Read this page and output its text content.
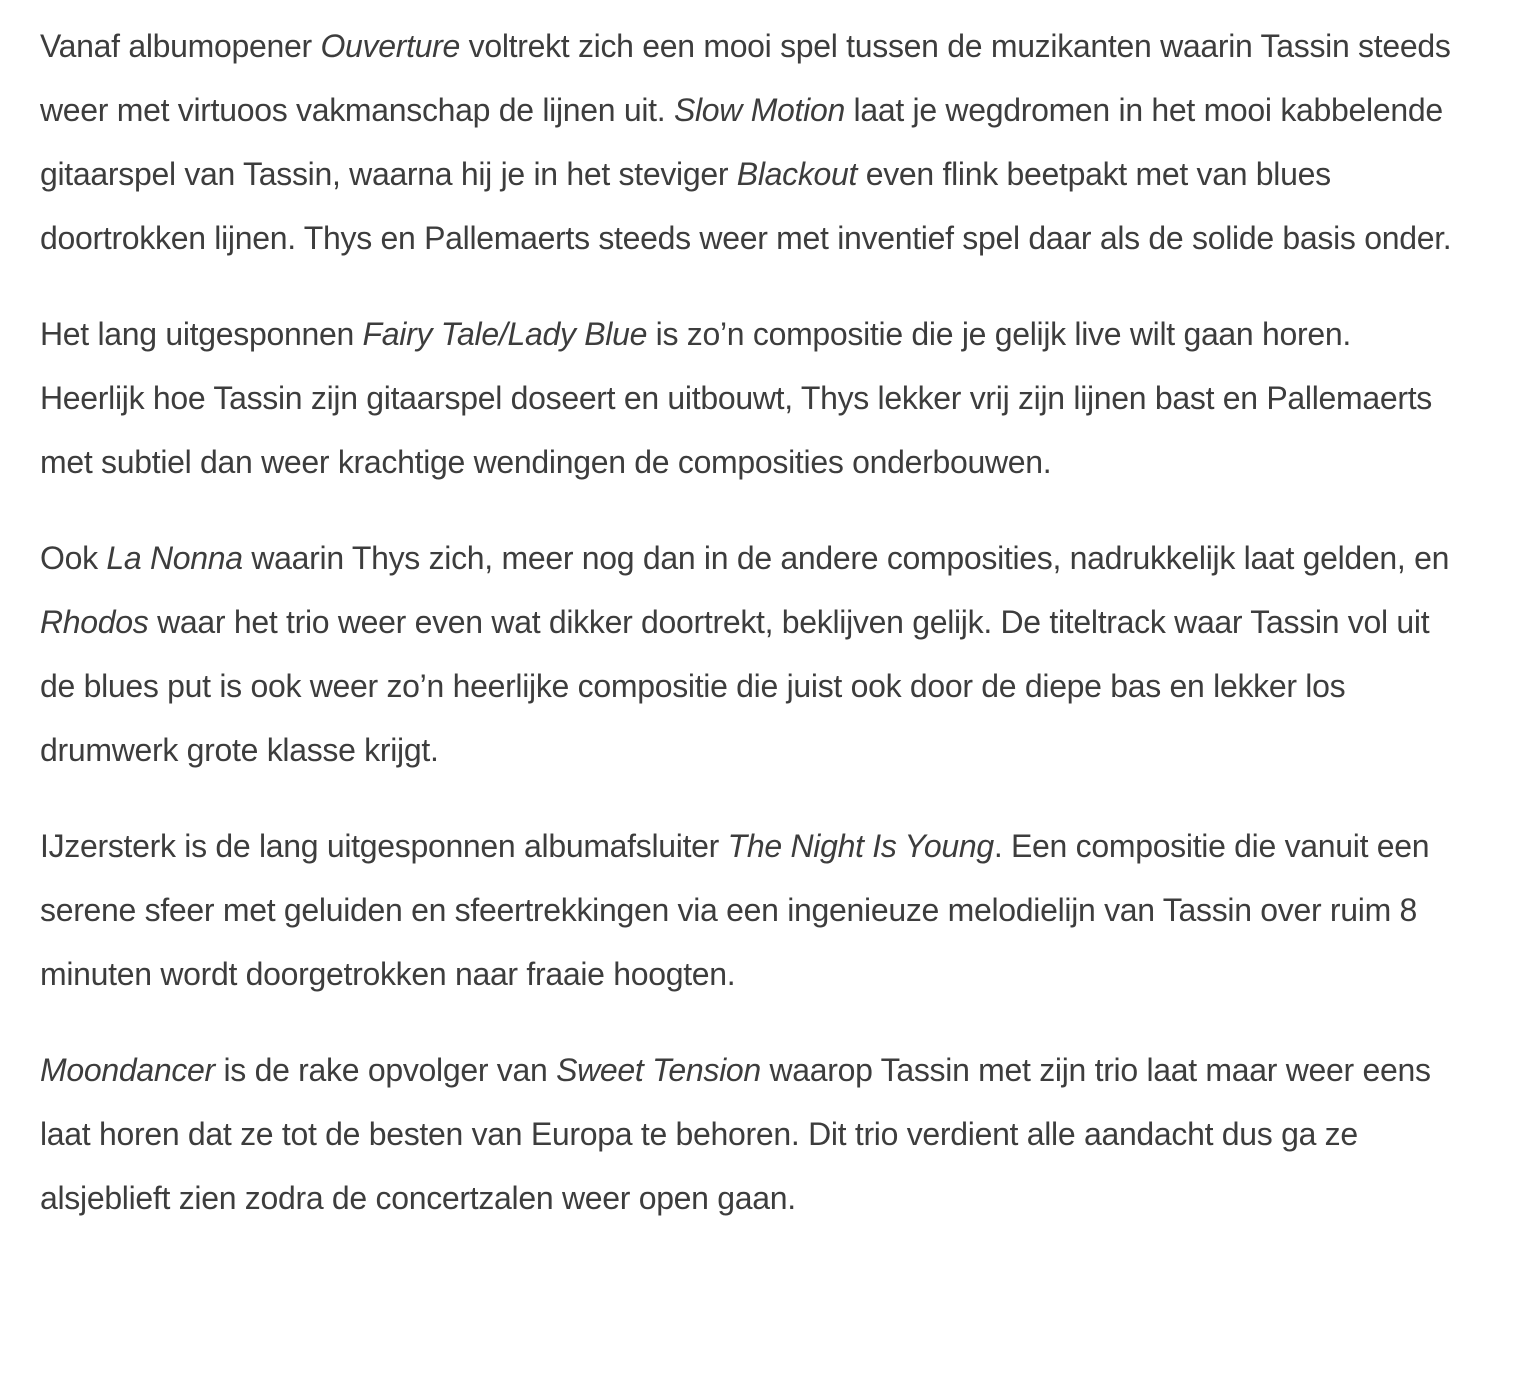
Vanaf albumopener Ouverture voltrekt zich een mooi spel tussen de muzikanten waarin Tassin steeds weer met virtuoos vakmanschap de lijnen uit. Slow Motion laat je wegdromen in het mooi kabbelende gitaarspel van Tassin, waarna hij je in het steviger Blackout even flink beetpakt met van blues doortrokken lijnen. Thys en Pallemaerts steeds weer met inventief spel daar als de solide basis onder.

Het lang uitgesponnen Fairy Tale/Lady Blue is zo’n compositie die je gelijk live wilt gaan horen. Heerlijk hoe Tassin zijn gitaarspel doseert en uitbouwt, Thys lekker vrij zijn lijnen bast en Pallemaerts met subtiel dan weer krachtige wendingen de composities onderbouwen.

Ook La Nonna waarin Thys zich, meer nog dan in de andere composities, nadrukkelijk laat gelden, en Rhodos waar het trio weer even wat dikker doortrekt, beklijven gelijk. De titeltrack waar Tassin vol uit de blues put is ook weer zo’n heerlijke compositie die juist ook door de diepe bas en lekker los drumwerk grote klasse krijgt.

IJzersterk is de lang uitgesponnen albumafsluiter The Night Is Young. Een compositie die vanuit een serene sfeer met geluiden en sfeertrekkingen via een ingenieuze melodielijn van Tassin over ruim 8 minuten wordt doorgetrokken naar fraaie hoogten.

Moondancer is de rake opvolger van Sweet Tension waarop Tassin met zijn trio laat maar weer eens laat horen dat ze tot de besten van Europa te behoren. Dit trio verdient alle aandacht dus ga ze alsjeblieft zien zodra de concertzalen weer open gaan.
